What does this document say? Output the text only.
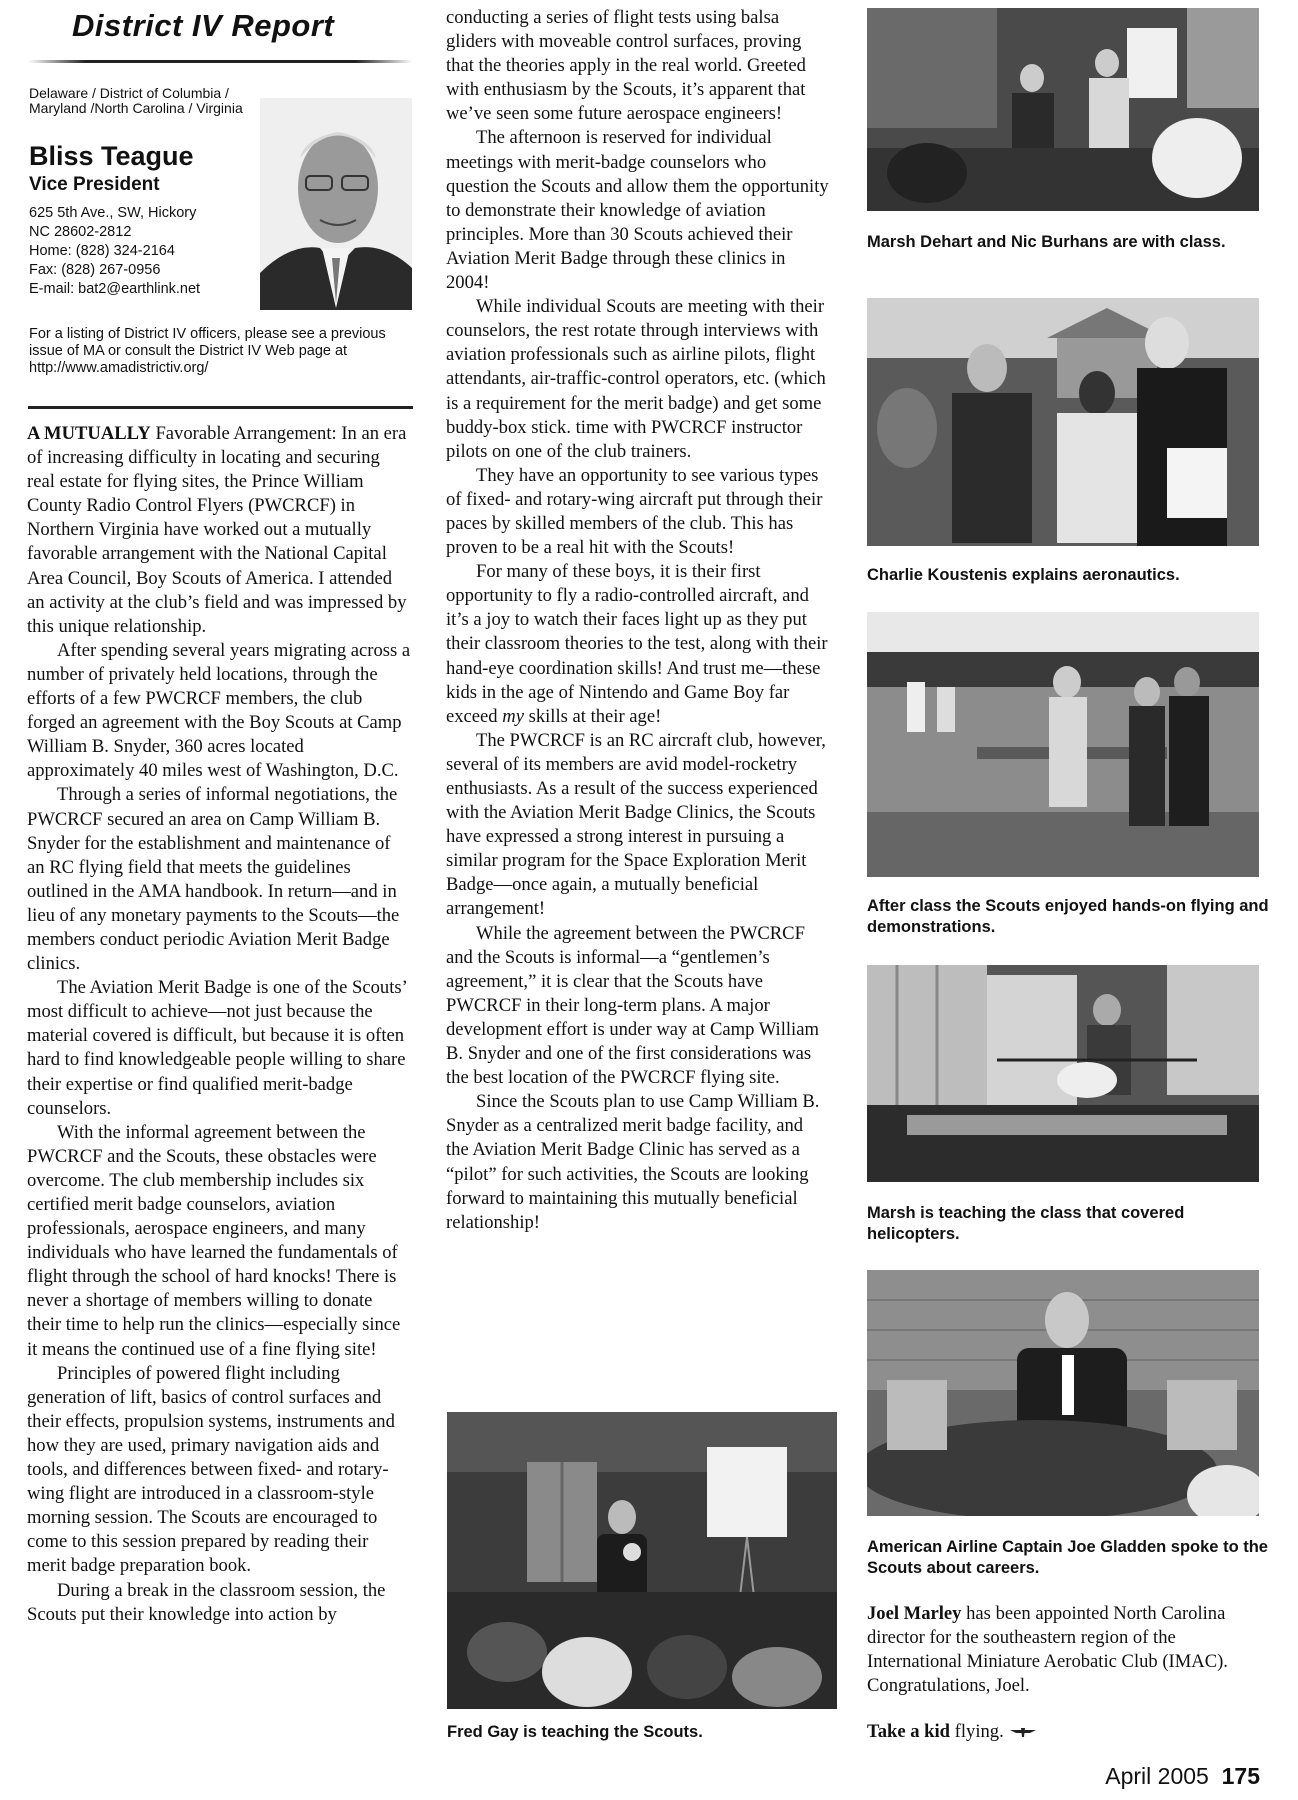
District IV Report
Delaware / District of Columbia / Maryland /North Carolina / Virginia
Bliss Teague
Vice President
625 5th Ave., SW, Hickory
NC 28602-2812
Home: (828) 324-2164
Fax: (828) 267-0956
E-mail: bat2@earthlink.net
For a listing of District IV officers, please see a previous issue of MA or consult the District IV Web page at http://www.amadistrictiv.org/

A MUTUALLY Favorable Arrangement: In an era of increasing difficulty in locating and securing real estate for flying sites, the Prince William County Radio Control Flyers (PWCRCF) in Northern Virginia have worked out a mutually favorable arrangement with the National Capital Area Council, Boy Scouts of America. I attended an activity at the club’s field and was impressed by this unique relationship.

After spending several years migrating across a number of privately held locations, through the efforts of a few PWCRCF members, the club forged an agreement with the Boy Scouts at Camp William B. Snyder, 360 acres located approximately 40 miles west of Washington, D.C.

Through a series of informal negotiations, the PWCRCF secured an area on Camp William B. Snyder for the establishment and maintenance of an RC flying field that meets the guidelines outlined in the AMA handbook. In return—and in lieu of any monetary payments to the Scouts—the members conduct periodic Aviation Merit Badge clinics.

The Aviation Merit Badge is one of the Scouts’ most difficult to achieve—not just because the material covered is difficult, but because it is often hard to find knowledgeable people willing to share their expertise or find qualified merit-badge counselors.

With the informal agreement between the PWCRCF and the Scouts, these obstacles were overcome. The club membership includes six certified merit badge counselors, aviation professionals, aerospace engineers, and many individuals who have learned the fundamentals of flight through the school of hard knocks! There is never a shortage of members willing to donate their time to help run the clinics—especially since it means the continued use of a fine flying site!

Principles of powered flight including generation of lift, basics of control surfaces and their effects, propulsion systems, instruments and how they are used, primary navigation aids and tools, and differences between fixed- and rotary-wing flight are introduced in a classroom-style morning session. The Scouts are encouraged to come to this session prepared by reading their merit badge preparation book.

During a break in the classroom session, the Scouts put their knowledge into action by

conducting a series of flight tests using balsa gliders with moveable control surfaces, proving that the theories apply in the real world. Greeted with enthusiasm by the Scouts, it’s apparent that we’ve seen some future aerospace engineers!

The afternoon is reserved for individual meetings with merit-badge counselors who question the Scouts and allow them the opportunity to demonstrate their knowledge of aviation principles. More than 30 Scouts achieved their Aviation Merit Badge through these clinics in 2004!

While individual Scouts are meeting with their counselors, the rest rotate through interviews with aviation professionals such as airline pilots, flight attendants, air-traffic-control operators, etc. (which is a requirement for the merit badge) and get some buddy-box stick. time with PWCRCF instructor pilots on one of the club trainers.

They have an opportunity to see various types of fixed- and rotary-wing aircraft put through their paces by skilled members of the club. This has proven to be a real hit with the Scouts!

For many of these boys, it is their first opportunity to fly a radio-controlled aircraft, and it’s a joy to watch their faces light up as they put their classroom theories to the test, along with their hand-eye coordination skills! And trust me—these kids in the age of Nintendo and Game Boy far exceed my skills at their age!

The PWCRCF is an RC aircraft club, however, several of its members are avid model-rocketry enthusiasts. As a result of the success experienced with the Aviation Merit Badge Clinics, the Scouts have expressed a strong interest in pursuing a similar program for the Space Exploration Merit Badge—once again, a mutually beneficial arrangement!

While the agreement between the PWCRCF and the Scouts is informal—a “gentlemen’s agreement,” it is clear that the Scouts have PWCRCF in their long-term plans. A major development effort is under way at Camp William B. Snyder and one of the first considerations was the best location of the PWCRCF flying site.

Since the Scouts plan to use Camp William B. Snyder as a centralized merit badge facility, and the Aviation Merit Badge Clinic has served as a “pilot” for such activities, the Scouts are looking forward to maintaining this mutually beneficial relationship!

Fred Gay is teaching the Scouts.

Marsh Dehart and Nic Burhans are with class.

Charlie Koustenis explains aeronautics.

After class the Scouts enjoyed hands-on flying and demonstrations.

Marsh is teaching the class that covered helicopters.

American Airline Captain Joe Gladden spoke to the Scouts about careers.

Joel Marley has been appointed North Carolina director for the southeastern region of the International Miniature Aerobatic Club (IMAC). Congratulations, Joel.

Take a kid flying.

April 2005 175
